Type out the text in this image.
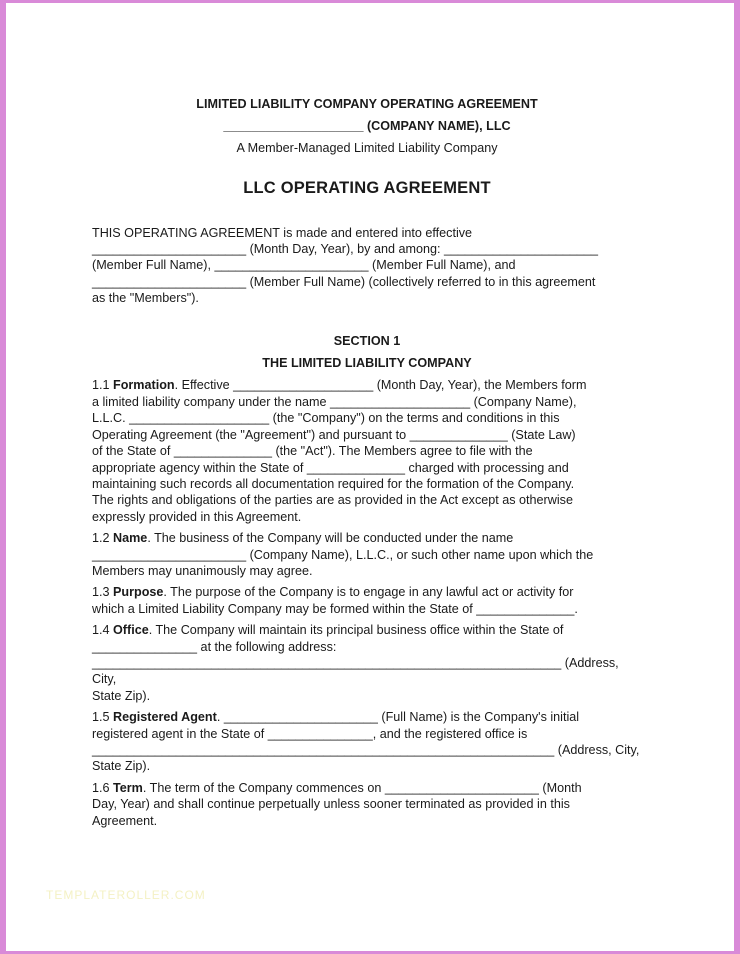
LIMITED LIABILITY COMPANY OPERATING AGREEMENT
____________________ (COMPANY NAME), LLC
A Member-Managed Limited Liability Company
LLC OPERATING AGREEMENT
THIS OPERATING AGREEMENT is made and entered into effective
______________________ (Month Day, Year), by and among: ______________________
(Member Full Name), ______________________ (Member Full Name), and
______________________ (Member Full Name) (collectively referred to in this agreement
as the "Members").
SECTION 1
THE LIMITED LIABILITY COMPANY
1.1 Formation. Effective ____________________ (Month Day, Year), the Members form
a limited liability company under the name ____________________ (Company Name),
L.L.C. ____________________ (the "Company") on the terms and conditions in this
Operating Agreement (the "Agreement") and pursuant to ______________ (State Law)
of the State of ______________ (the "Act"). The Members agree to file with the
appropriate agency within the State of ______________ charged with processing and
maintaining such records all documentation required for the formation of the Company.
The rights and obligations of the parties are as provided in the Act except as otherwise
expressly provided in this Agreement.
1.2 Name. The business of the Company will be conducted under the name
______________________ (Company Name), L.L.C., or such other name upon which the
Members may unanimously may agree.
1.3 Purpose. The purpose of the Company is to engage in any lawful act or activity for
which a Limited Liability Company may be formed within the State of ______________.
1.4 Office. The Company will maintain its principal business office within the State of
_______________ at the following address:
___________________________________________________________________ (Address, City,
State Zip).
1.5 Registered Agent. ______________________ (Full Name) is the Company's initial
registered agent in the State of _______________, and the registered office is
__________________________________________________________________ (Address, City,
State Zip).
1.6 Term. The term of the Company commences on ______________________ (Month
Day, Year) and shall continue perpetually unless sooner terminated as provided in this
Agreement.
TEMPLATEROLLER.COM
